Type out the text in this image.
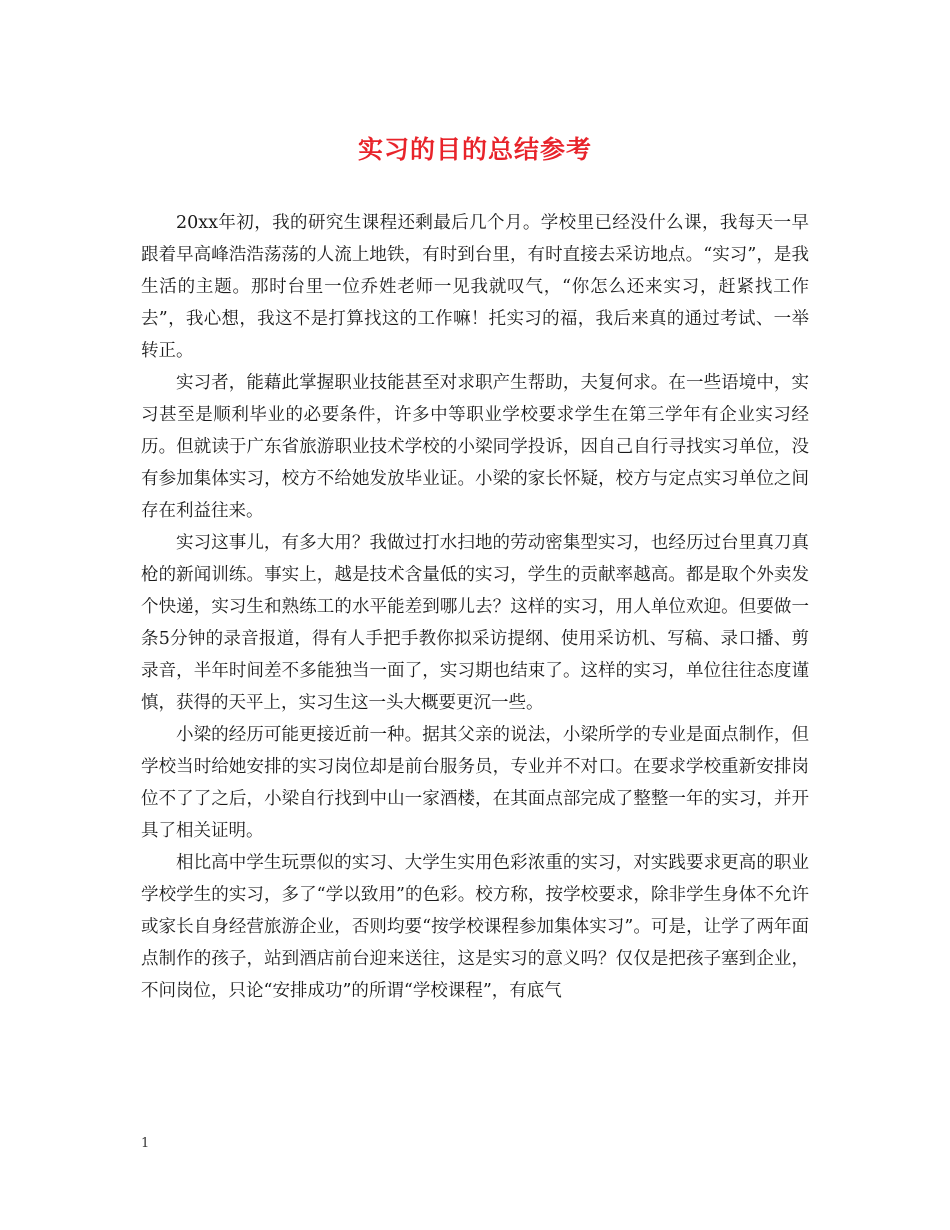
实习的目的总结参考

20xx年初，我的研究生课程还剩最后几个月。学校里已经没什么课，我每天一早跟着早高峰浩浩荡荡的人流上地铁，有时到台里，有时直接去采访地点。“实习”，是我生活的主题。那时台里一位乔姓老师一见我就叹气，“你怎么还来实习，赶紧找工作去”，我心想，我这不是打算找这的工作嘛！托实习的福，我后来真的通过考试、一举转正。

实习者，能藉此掌握职业技能甚至对求职产生帮助，夫复何求。在一些语境中，实习甚至是顺利毕业的必要条件，许多中等职业学校要求学生在第三学年有企业实习经历。但就读于广东省旅游职业技术学校的小梁同学投诉，因自己自行寻找实习单位，没有参加集体实习，校方不给她发放毕业证。小梁的家长怀疑，校方与定点实习单位之间存在利益往来。

实习这事儿，有多大用？我做过打水扫地的劳动密集型实习，也经历过台里真刀真枪的新闻训练。事实上，越是技术含量低的实习，学生的贡献率越高。都是取个外卖发个快递，实习生和熟练工的水平能差到哪儿去？这样的实习，用人单位欢迎。但要做一条5分钟的录音报道，得有人手把手教你拟采访提纲、使用采访机、写稿、录口播、剪录音，半年时间差不多能独当一面了，实习期也结束了。这样的实习，单位往往态度谨慎，获得的天平上，实习生这一头大概要更沉一些。

小梁的经历可能更接近前一种。据其父亲的说法，小梁所学的专业是面点制作，但学校当时给她安排的实习岗位却是前台服务员，专业并不对口。在要求学校重新安排岗位不了了之后，小梁自行找到中山一家酒楼，在其面点部完成了整整一年的实习，并开具了相关证明。

相比高中学生玩票似的实习、大学生实用色彩浓重的实习，对实践要求更高的职业学校学生的实习，多了“学以致用”的色彩。校方称，按学校要求，除非学生身体不允许或家长自身经营旅游企业，否则均要“按学校课程参加集体实习”。可是，让学了两年面点制作的孩子，站到酒店前台迎来送往，这是实习的意义吗？仅仅是把孩子塞到企业，不问岗位，只论“安排成功”的所谓“学校课程”，有底气

1
